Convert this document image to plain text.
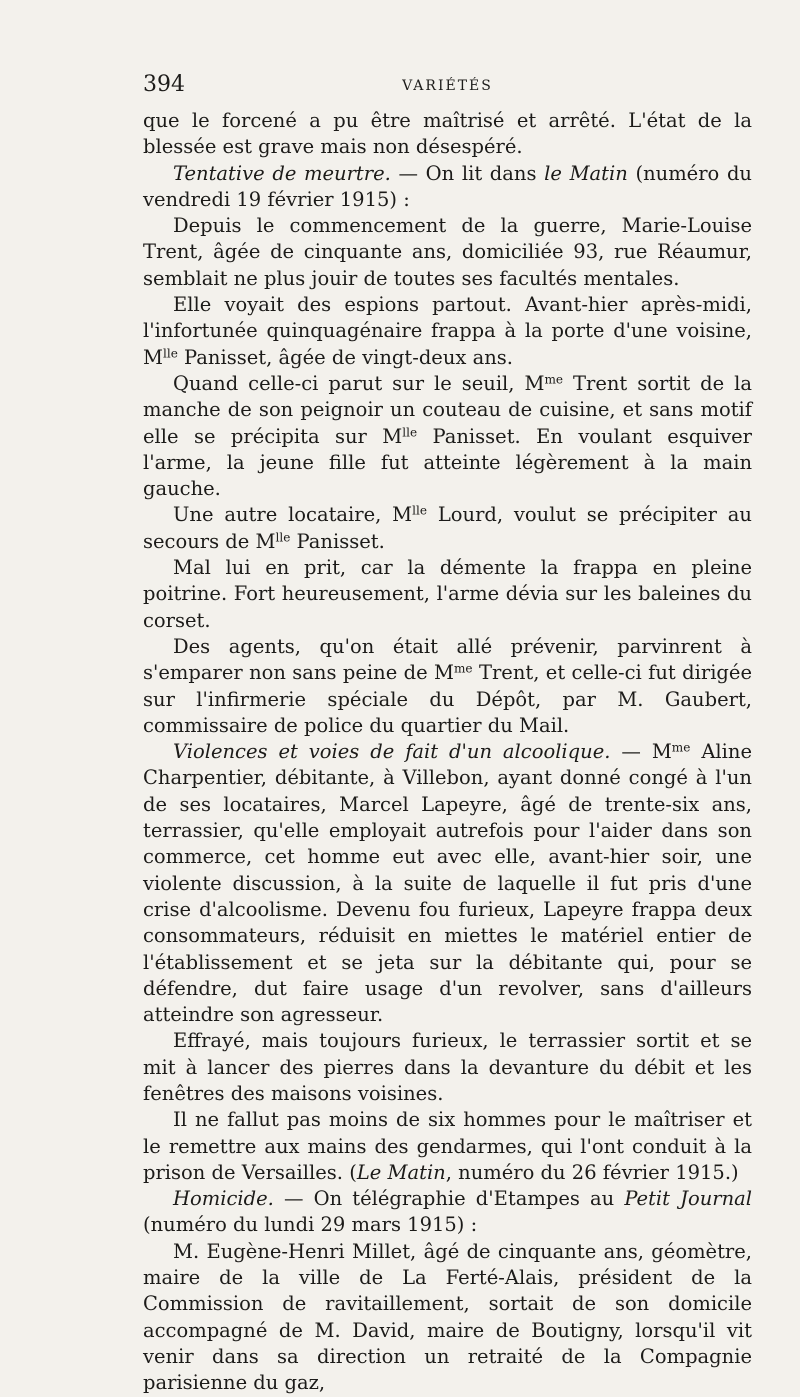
394	VARIÉTÉS

que le forcené a pu être maîtrisé et arrêté. L'état de la blessée est grave mais non désespéré.

Tentative de meurtre. — On lit dans le Matin (numéro du vendredi 19 février 1915) :

Depuis le commencement de la guerre, Marie-Louise Trent, âgée de cinquante ans, domiciliée 93, rue Réaumur, semblait ne plus jouir de toutes ses facultés mentales.

Elle voyait des espions partout. Avant-hier après-midi, l'infortunée quinquagénaire frappa à la porte d'une voisine, $M^{lle}$ Panisset, âgée de vingt-deux ans.

Quand celle-ci parut sur le seuil, $M^{me}$ Trent sortit de la manche de son peignoir un couteau de cuisine, et sans motif elle se précipita sur $M^{lle}$ Panisset. En voulant esquiver l'arme, la jeune fille fut atteinte légèrement à la main gauche.

Une autre locataire, $M^{lle}$ Lourd, voulut se précipiter au secours de $M^{lle}$ Panisset.

Mal lui en prit, car la démente la frappa en pleine poitrine. Fort heureusement, l'arme dévia sur les baleines du corset.

Des agents, qu'on était allé prévenir, parvinrent à s'emparer non sans peine de $M^{me}$ Trent, et celle-ci fut dirigée sur l'infirmerie spéciale du Dépôt, par M. Gaubert, commissaire de police du quartier du Mail.

Violences et voies de fait d'un alcoolique. — $M^{me}$ Aline Charpentier, débitante, à Villebon, ayant donné congé à l'un de ses locataires, Marcel Lapeyre, âgé de trente-six ans, terrassier, qu'elle employait autrefois pour l'aider dans son commerce, cet homme eut avec elle, avant-hier soir, une violente discussion, à la suite de laquelle il fut pris d'une crise d'alcoolisme. Devenu fou furieux, Lapeyre frappa deux consommateurs, réduisit en miettes le matériel entier de l'établissement et se jeta sur la débitante qui, pour se défendre, dut faire usage d'un revolver, sans d'ailleurs atteindre son agresseur.

Effrayé, mais toujours furieux, le terrassier sortit et se mit à lancer des pierres dans la devanture du débit et les fenêtres des maisons voisines.

Il ne fallut pas moins de six hommes pour le maîtriser et le remettre aux mains des gendarmes, qui l'ont conduit à la prison de Versailles. (Le Matin, numéro du 26 février 1915.)

Homicide. — On télégraphie d'Etampes au Petit Journal (numéro du lundi 29 mars 1915) :

M. Eugène-Henri Millet, âgé de cinquante ans, géomètre, maire de la ville de La Ferté-Alais, président de la Commission de ravitaillement, sortait de son domicile accompagné de M. David, maire de Boutigny, lorsqu'il vit venir dans sa direction un retraité de la Compagnie parisienne du gaz,
